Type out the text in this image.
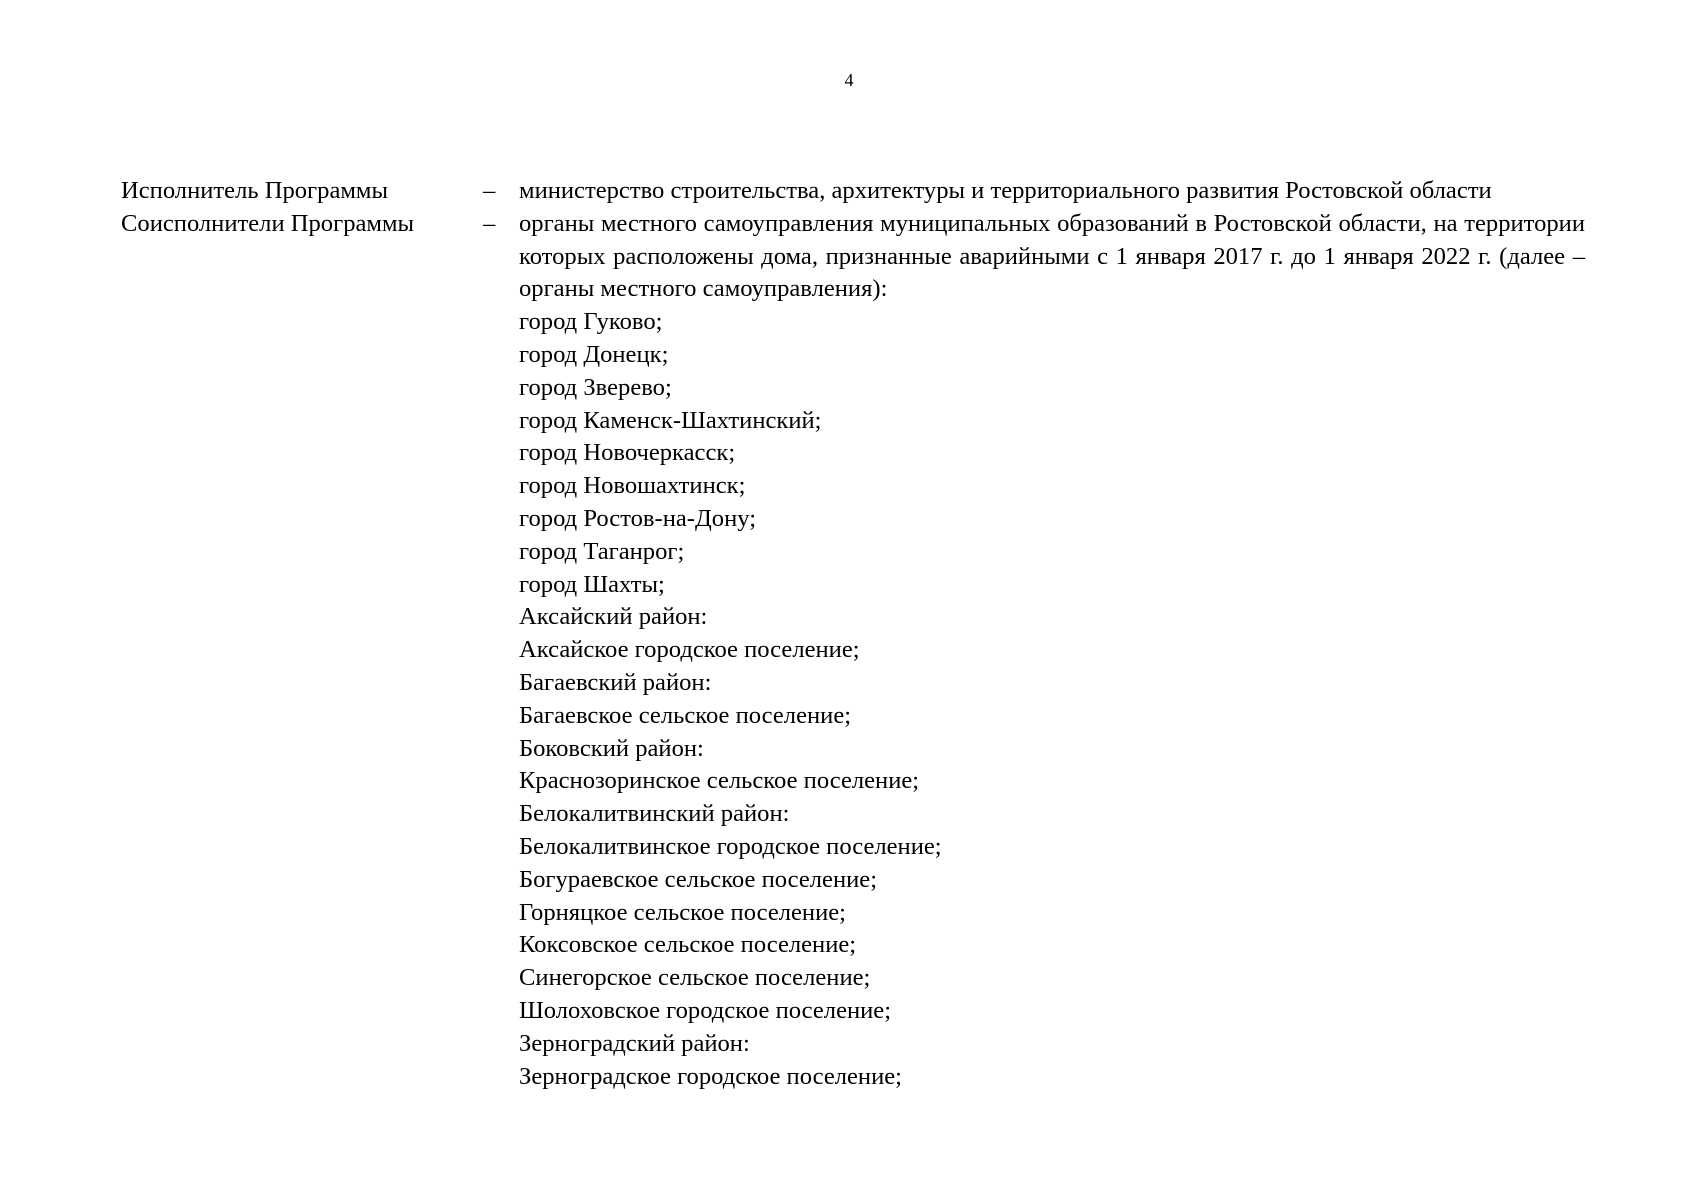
4
Исполнитель Программы	– министерство строительства, архитектуры и территориального развития Ростовской области
Соисполнители Программы	– органы местного самоуправления муниципальных образований в Ростовской области, на территории которых расположены дома, признанные аварийными с 1 января 2017 г. до 1 января 2022 г. (далее – органы местного самоуправления):
город Гуково;
город Донецк;
город Зверево;
город Каменск-Шахтинский;
город Новочеркасск;
город Новошахтинск;
город Ростов-на-Дону;
город Таганрог;
город Шахты;
Аксайский район:
Аксайское городское поселение;
Багаевский район:
Багаевское сельское поселение;
Боковский район:
Краснозоринское сельское поселение;
Белокалитвинский район:
Белокалитвинское городское поселение;
Богураевское сельское поселение;
Горняцкое сельское поселение;
Коксовское сельское поселение;
Синегорское сельское поселение;
Шолоховское городское поселение;
Зерноградский район:
Зерноградское городское поселение;
